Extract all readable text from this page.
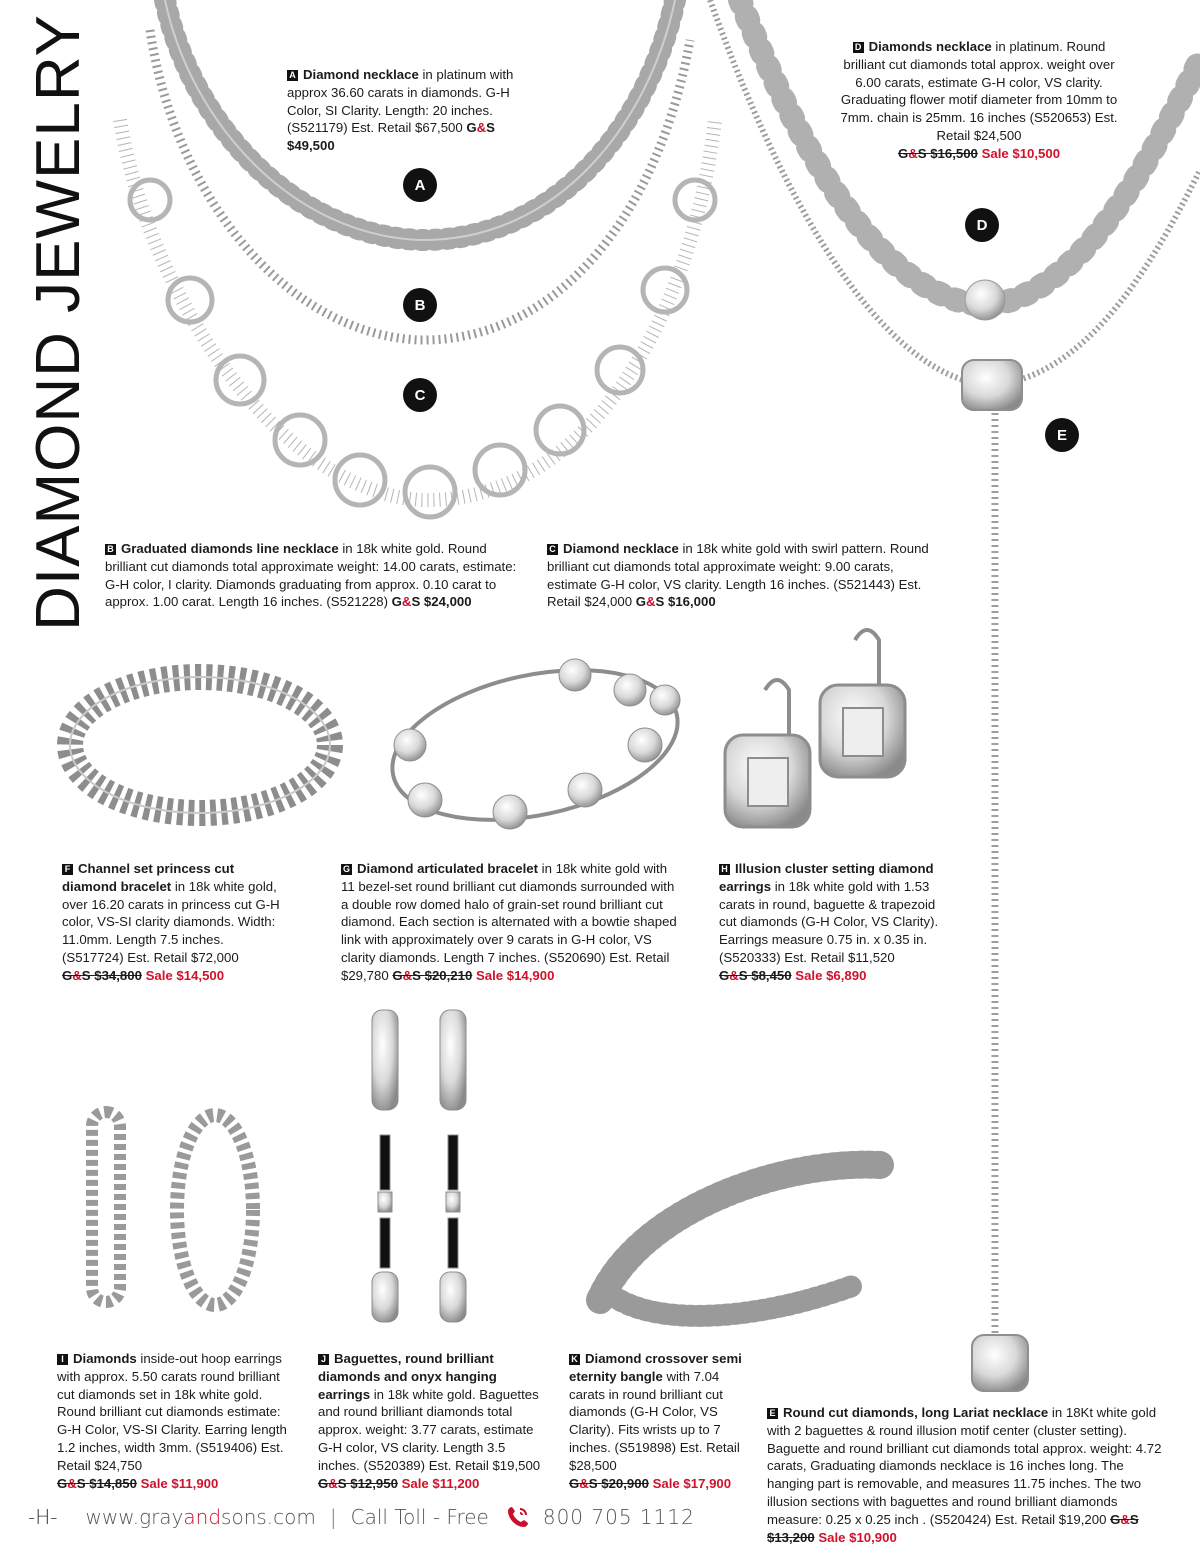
DIAMOND JEWELRY	A
B
C
D
E
A Diamond necklace in platinum with approx 36.60 carats in diamonds. G-H Color, SI Clarity. Length: 20 inches. (S521179) Est. Retail $67,500 G&S $49,500
D Diamonds necklace in platinum. Round brilliant cut diamonds total approx. weight over 6.00 carats, estimate G-H color, VS clarity. Graduating flower motif diameter from 10mm to 7mm. chain is 25mm. 16 inches (S520653) Est. Retail $24,500
G&S $16,500 Sale $10,500
B Graduated diamonds line necklace in 18k white gold. Round brilliant cut diamonds total approximate weight: 14.00 carats, estimate: G-H color, I clarity. Diamonds graduating from approx. 0.10 carat to approx. 1.00 carat. Length 16 inches. (S521228) G&S $24,000
C Diamond necklace in 18k white gold with swirl pattern. Round brilliant cut diamonds total approximate weight: 9.00 carats, estimate G-H color, VS clarity. Length 16 inches. (S521443) Est. Retail $24,000 G&S $16,000
F Channel set princess cut diamond bracelet in 18k white gold, over 16.20 carats in princess cut G-H color, VS-SI clarity diamonds. Width: 11.0mm. Length 7.5 inches. (S517724) Est. Retail $72,000
G&S $34,800 Sale $14,500
G Diamond articulated bracelet in 18k white gold with 11 bezel-set round brilliant cut diamonds surrounded with a double row domed halo of grain-set round brilliant cut diamond. Each section is alternated with a bowtie shaped link with approximately over 9 carats in G-H color, VS clarity diamonds. Length 7 inches. (S520690) Est. Retail $29,780 G&S $20,210 Sale $14,900
H Illusion cluster setting diamond earrings in 18k white gold with 1.53 carats in round, baguette & trapezoid cut diamonds (G-H Color, VS Clarity). Earrings measure 0.75 in. x 0.35 in. (S520333) Est. Retail $11,520
G&S $8,450 Sale $6,890
I Diamonds inside-out hoop earrings with approx. 5.50 carats round brilliant cut diamonds set in 18k white gold. Round brilliant cut diamonds estimate: G-H Color, VS-SI Clarity. Earring length 1.2 inches, width 3mm. (S519406) Est. Retail $24,750
G&S $14,850 Sale $11,900
J Baguettes, round brilliant diamonds and onyx hanging earrings in 18k white gold. Baguettes and round brilliant diamonds total approx. weight: 3.77 carats, estimate G-H color, VS clarity. Length 3.5 inches. (S520389) Est. Retail $19,500
G&S $12,950 Sale $11,200
K Diamond crossover semi eternity bangle with 7.04 carats in round brilliant cut diamonds (G-H Color, VS Clarity). Fits wrists up to 7 inches. (S519898) Est. Retail $28,500
G&S $20,900 Sale $17,900
E Round cut diamonds, long Lariat necklace in 18Kt white gold with 2 baguettes & round illusion motif center (cluster setting). Baguette and round brilliant cut diamonds total approx. weight: 4.72 carats, Graduating diamonds necklace is 16 inches long. The hanging part is removable, and measures 11.75 inches. The two illusion sections with baguettes and round brilliant diamonds measure: 0.25 x 0.25 inch . (S520424) Est. Retail $19,200 G&S $13,200 Sale $10,900
-H- www.grayandsons.com | Call Toll - Free	800 705 1112
